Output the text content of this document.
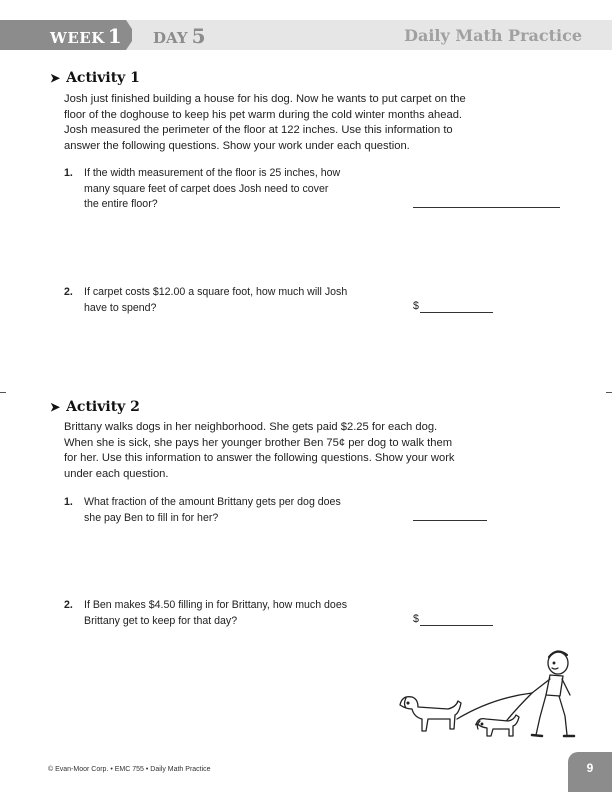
WEEK 1 DAY 5	Daily Math Practice
➤ Activity 1
Josh just finished building a house for his dog. Now he wants to put carpet on the
floor of the doghouse to keep his pet warm during the cold winter months ahead.
Josh measured the perimeter of the floor at 122 inches. Use this information to
answer the following questions. Show your work under each question.
1. If the width measurement of the floor is 25 inches, how
many square feet of carpet does Josh need to cover
the entire floor?
2. If carpet costs $12.00 a square foot, how much will Josh
have to spend?	$
➤ Activity 2
Brittany walks dogs in her neighborhood. She gets paid $2.25 for each dog.
When she is sick, she pays her younger brother Ben 75¢ per dog to walk them
for her. Use this information to answer the following questions. Show your work
under each question.
1. What fraction of the amount Brittany gets per dog does
she pay Ben to fill in for her?
2. If Ben makes $4.50 filling in for Brittany, how much does
Brittany get to keep for that day?	$
© Evan-Moor Corp. • EMC 755 • Daily Math Practice	9
